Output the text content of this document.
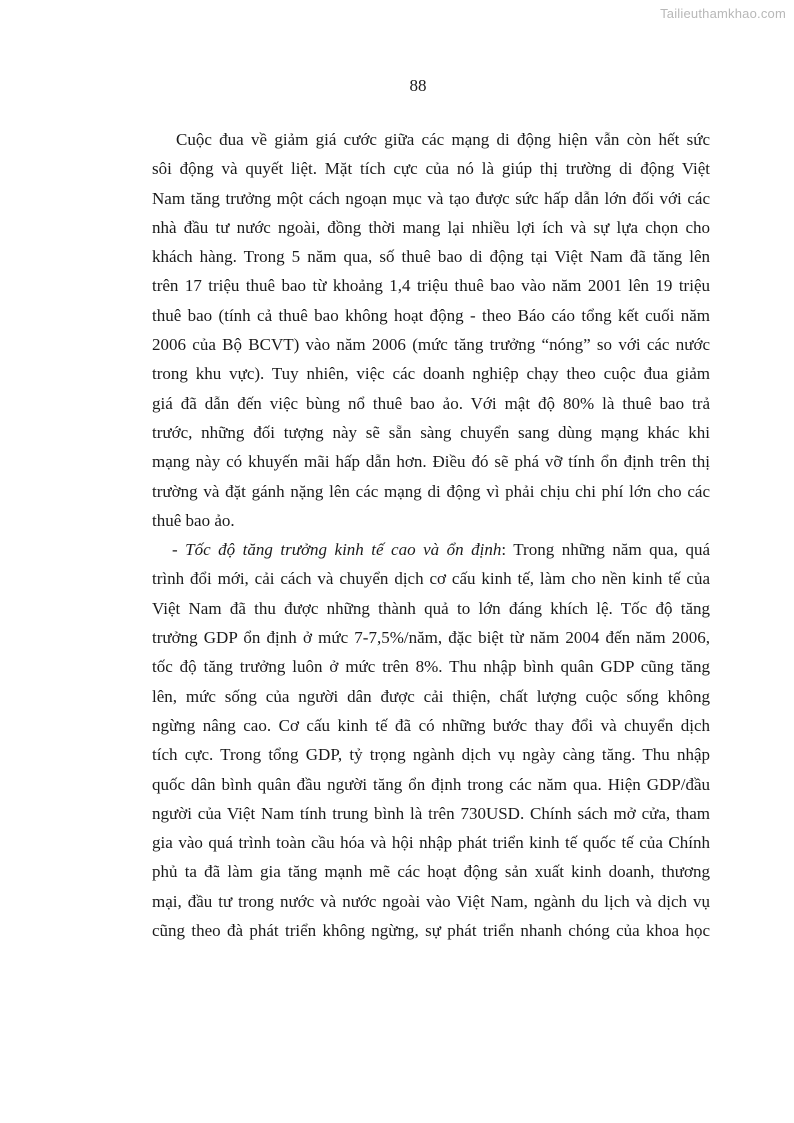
Tailieuthamkhao.com
88
Cuộc đua về giảm giá cước giữa các mạng di động hiện vẫn còn hết sức
sôi động và quyết liệt. Mặt tích cực của nó là giúp thị trường di động Việt
Nam tăng trưởng một cách ngoạn mục và tạo được sức hấp dẫn lớn đối với các
nhà đầu tư nước ngoài, đồng thời mang lại nhiều lợi ích và sự lựa chọn cho
khách hàng. Trong 5 năm qua, số thuê bao di động tại Việt Nam đã tăng lên
trên 17 triệu thuê bao từ khoảng 1,4 triệu thuê bao vào năm 2001 lên 19 triệu
thuê bao (tính cả thuê bao không hoạt động - theo Báo cáo tổng kết cuối năm
2006 của Bộ BCVT) vào năm 2006 (mức tăng trưởng “nóng” so với các nước
trong khu vực). Tuy nhiên, việc các doanh nghiệp chạy theo cuộc đua giảm
giá đã dẫn đến việc bùng nổ thuê bao ảo. Với mật độ 80% là thuê bao trả
trước, những đối tượng này sẽ sẵn sàng chuyển sang dùng mạng khác khi
mạng này có khuyến mãi hấp dẫn hơn. Điều đó sẽ phá vỡ tính ổn định trên thị
trường và đặt gánh nặng lên các mạng di động vì phải chịu chi phí lớn cho các
thuê bao ảo.
- Tốc độ tăng trưởng kinh tế cao và ổn định: Trong những năm qua, quá
trình đổi mới, cải cách và chuyển dịch cơ cấu kinh tế, làm cho nền kinh tế của
Việt Nam đã thu được những thành quả to lớn đáng khích lệ. Tốc độ tăng
trưởng GDP ổn định ở mức 7-7,5%/năm, đặc biệt từ năm 2004 đến năm 2006,
tốc độ tăng trưởng luôn ở mức trên 8%. Thu nhập bình quân GDP cũng tăng
lên, mức sống của người dân được cải thiện, chất lượng cuộc sống không
ngừng nâng cao. Cơ cấu kinh tế đã có những bước thay đổi và chuyển dịch
tích cực. Trong tổng GDP, tỷ trọng ngành dịch vụ ngày càng tăng. Thu nhập
quốc dân bình quân đầu người tăng ổn định trong các năm qua. Hiện GDP/đầu
người của Việt Nam tính trung bình là trên 730USD. Chính sách mở cửa, tham
gia vào quá trình toàn cầu hóa và hội nhập phát triển kinh tế quốc tế của Chính
phủ ta đã làm gia tăng mạnh mẽ các hoạt động sản xuất kinh doanh, thương
mại, đầu tư trong nước và nước ngoài vào Việt Nam, ngành du lịch và dịch vụ
cũng theo đà phát triển không ngừng, sự phát triển nhanh chóng của khoa học
